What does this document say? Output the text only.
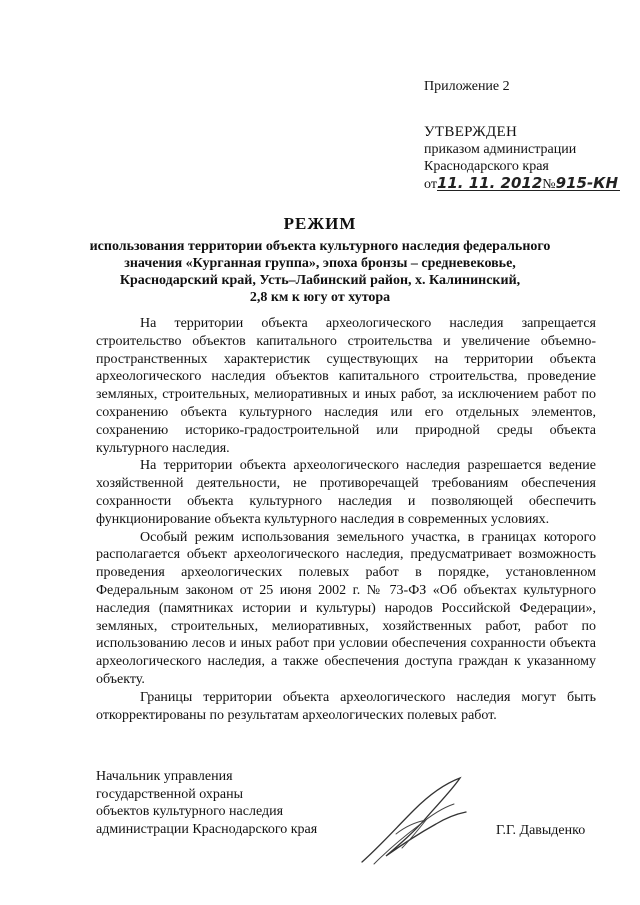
Приложение 2
УТВЕРЖДЕН
приказом администрации
Краснодарского края
от11. 11. 2012№915-КН
РЕЖИМ
использования территории объекта культурного наследия федерального
значения «Курганная группа», эпоха бронзы – средневековье,
Краснодарский край, Усть–Лабинский район, х. Калининский,
2,8 км к югу от хутора

На территории объекта археологического наследия запрещается строительство объектов капитального строительства и увеличение объемно-пространственных характеристик существующих на территории объекта археологического наследия объектов капитального строительства, проведение земляных, строительных, мелиоративных и иных работ, за исключением работ по сохранению объекта культурного наследия или его отдельных элементов, сохранению историко-градостроительной или природной среды объекта культурного наследия.

На территории объекта археологического наследия разрешается ведение хозяйственной деятельности, не противоречащей требованиям обеспечения сохранности объекта культурного наследия и позволяющей обеспечить функционирование объекта культурного наследия в современных условиях.

Особый режим использования земельного участка, в границах которого располагается объект археологического наследия, предусматривает возможность проведения археологических полевых работ в порядке, установленном Федеральным законом от 25 июня 2002 г. № 73-ФЗ «Об объектах культурного наследия (памятниках истории и культуры) народов Российской Федерации», земляных, строительных, мелиоративных, хозяйственных работ, работ по использованию лесов и иных работ при условии обеспечения сохранности объекта археологического наследия, а также обеспечения доступа граждан к указанному объекту.

Границы территории объекта археологического наследия могут быть откорректированы по результатам археологических полевых работ.

Начальник управления
государственной охраны
объектов культурного наследия
администрации Краснодарского края	Г.Г. Давыденко
